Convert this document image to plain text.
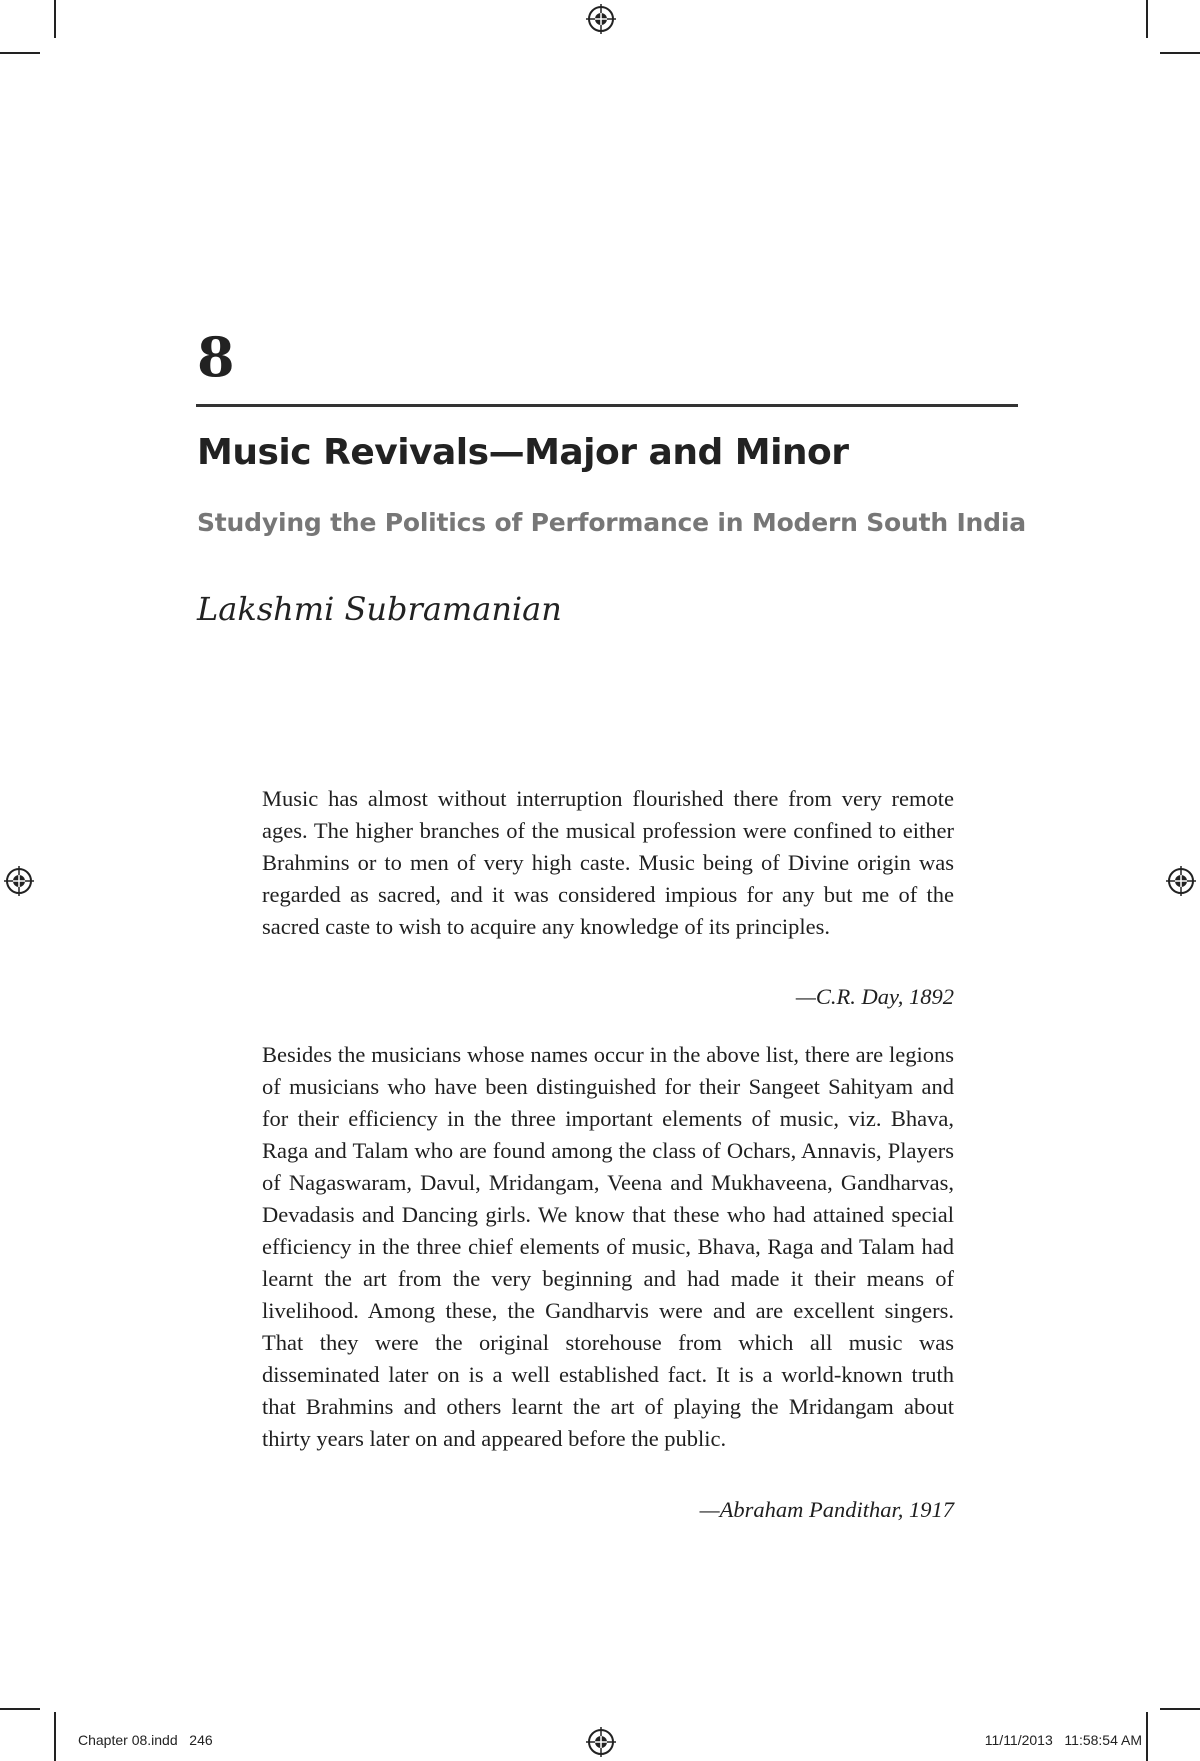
8
Music Revivals—Major and Minor
Studying the Politics of Performance in Modern South India
Lakshmi Subramanian

Music has almost without interruption flourished there from very remote ages. The higher branches of the musical profession were confined to either Brahmins or to men of very high caste. Music being of Divine origin was regarded as sacred, and it was considered impious for any but me of the sacred caste to wish to acquire any knowledge of its principles.

—C.R. Day, 1892

Besides the musicians whose names occur in the above list, there are legions of musicians who have been distinguished for their Sangeet Sahityam and for their efficiency in the three important elements of music, viz. Bhava, Raga and Talam who are found among the class of Ochars, Annavis, Players of Nagaswaram, Davul, Mridangam, Veena and Mukhaveena, Gandharvas, Devadasis and Dancing girls. We know that these who had attained special efficiency in the three chief elements of music, Bhava, Raga and Talam had learnt the art from the very beginning and had made it their means of livelihood. Among these, the Gandharvis were and are excellent singers. That they were the original storehouse from which all music was disseminated later on is a well established fact. It is a world-known truth that Brahmins and others learnt the art of playing the Mridangam about thirty years later on and appeared before the public.

—Abraham Pandithar, 1917
Chapter 08.indd   246	11/11/2013   11:58:54 AM
